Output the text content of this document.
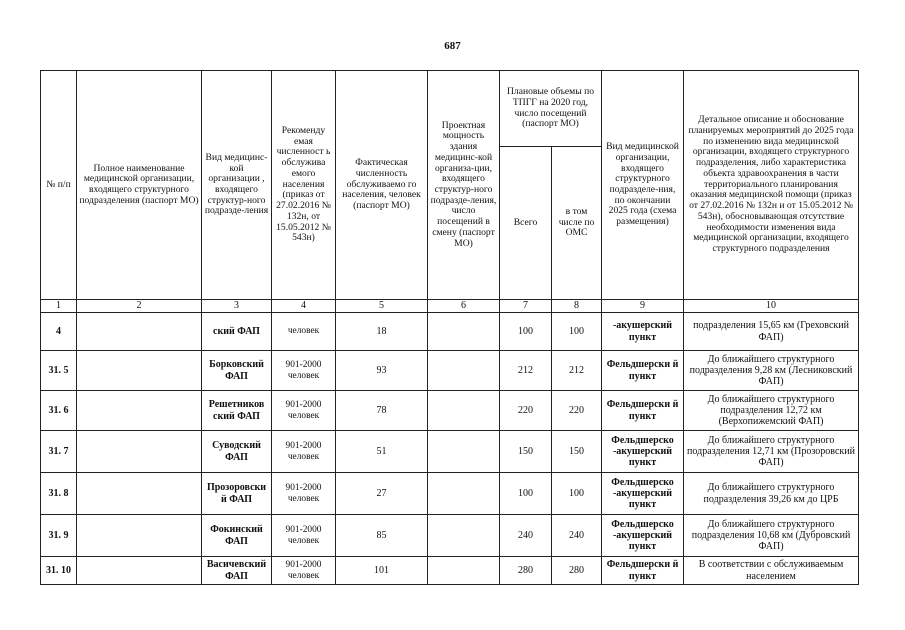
687
№ п/п	Полное наименование медицинской организации, входящего структурного подразделения (паспорт МО)	Вид медицинс-кой организации , входящего структур-ного подразде-ления	Рекоменду емая численност ь обслужива емого населения (приказ от 27.02.2016 № 132н, от 15.05.2012 № 543н)	Фактическая численность обслуживаемо го населения, человек (паспорт МО)	Проектная мощность здания медицинс-кой организа-ции, входящего структур-ного подразде-ления, число посещений в смену (паспорт МО)	Плановые объемы по ТПГГ на 2020 год, число посещений (паспорт МО)		Вид медицинской организации, входящего структурного подразделе-ния, по окончании 2025 года (схема размещения)	Детальное описание и обоснование планируемых мероприятий до 2025 года по изменению вида медицинской организации, входящего структурного подразделения, либо характеристика объекта здравоохранения в части территориального планирования оказания медицинской помощи (приказ от 27.02.2016 № 132н и от 15.05.2012 № 543н), обосновывающая отсутствие необходимости изменения вида медицинской организации, входящего структурного подразделения
						Всего	в том числе по ОМС		
1	2	3	4	5	6	7	8	9	10
4		ский ФАП	человек	18		100	100	-акушерский пункт	подразделения 15,65 км (Греховский ФАП)
31. 5		Борковский ФАП	901-2000 человек	93		212	212	Фельдшерски й пункт	До ближайшего структурного подразделения 9,28 км (Лесниковский ФАП)
31. 6		Решетников ский ФАП	901-2000 человек	78		220	220	Фельдшерски й пункт	До ближайшего структурного подразделения 12,72 км (Верхопижемский ФАП)
31. 7		Суводский ФАП	901-2000 человек	51		150	150	Фельдшерско -акушерский пункт	До ближайшего структурного подразделения 12,71 км (Прозоровский ФАП)
31. 8		Прозоровски й ФАП	901-2000 человек	27		100	100	Фельдшерско -акушерский пункт	До ближайшего структурного подразделения 39,26 км до ЦРБ
31. 9		Фокинский ФАП	901-2000 человек	85		240	240	Фельдшерско -акушерский пункт	До ближайшего структурного подразделения 10,68 км (Дубровский ФАП)
31. 10		Васичевский ФАП	901-2000 человек	101		280	280	Фельдшерски й пункт	В соответствии с обслуживаемым населением
